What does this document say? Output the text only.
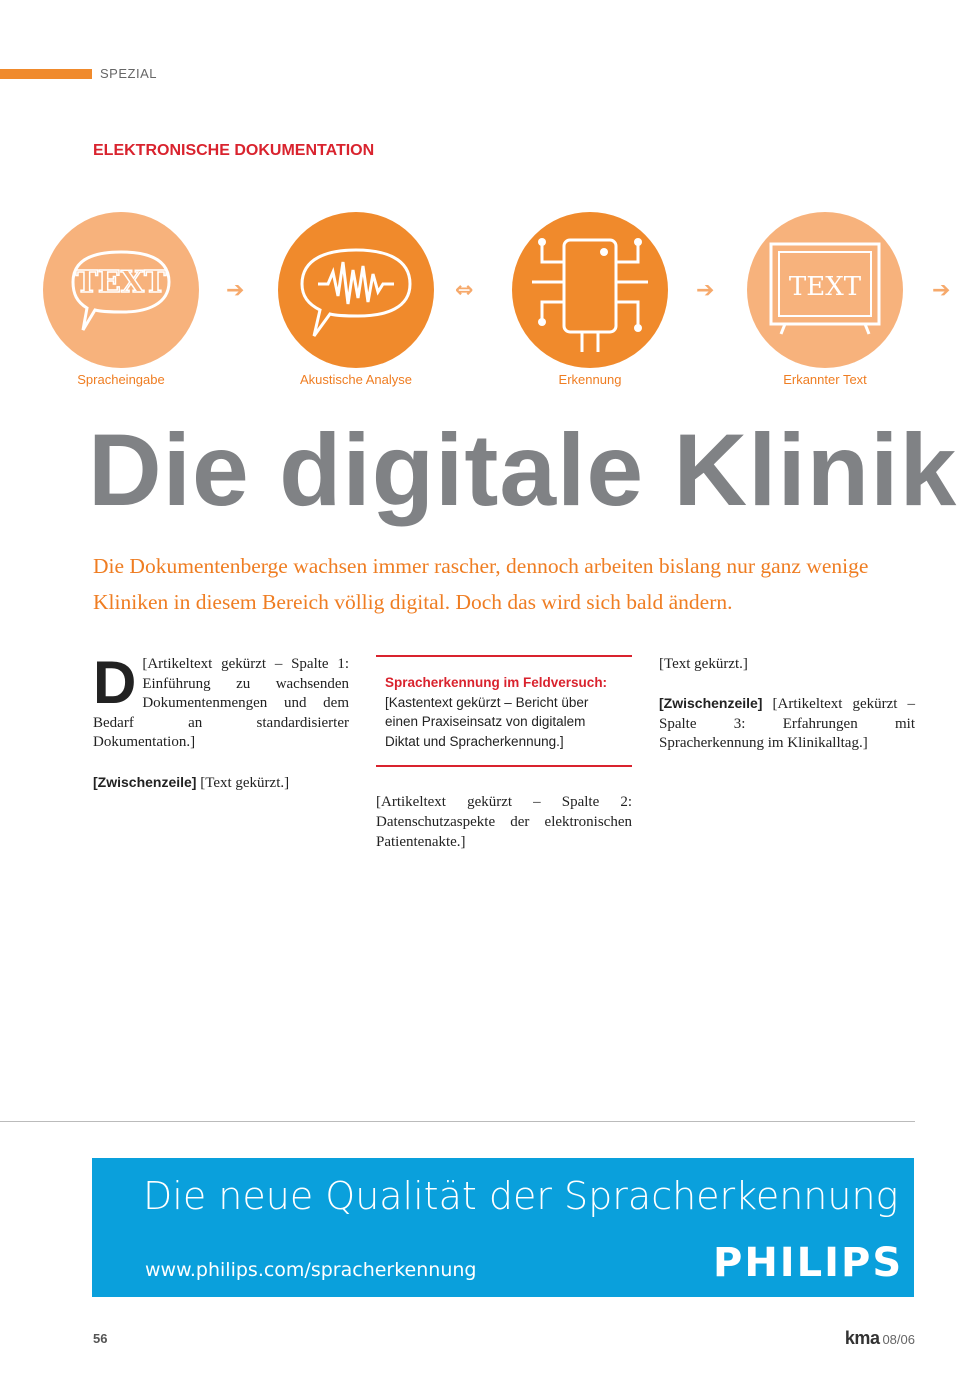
SPEZIAL
ELEKTRONISCHE DOKUMENTATION
TEXT
Spracheingabe
➔
Akustische Analyse
⇔
Erkennung
➔	TEXT
Erkannter Text
➔
Die digitale Klinik

Die Dokumentenberge wachsen immer rascher, dennoch arbeiten bislang nur ganz wenige Kliniken in diesem Bereich völlig digital. Doch das wird sich bald ändern.

D [Artikeltext gekürzt – Spalte 1: Einführung zu wachsenden Dokumentenmengen und dem Bedarf an standardisierter Dokumentation.]

[Zwischenzeile] [Text gekürzt.]

Spracherkennung im Feldversuch:
[Kastentext gekürzt – Bericht über einen Praxiseinsatz von digitalem Diktat und Spracherkennung.]

[Artikeltext gekürzt – Spalte 2: Datenschutzaspekte der elektronischen Patientenakte.]

[Text gekürzt.]

[Zwischenzeile] [Artikeltext gekürzt – Spalte 3: Erfahrungen mit Spracherkennung im Klinikalltag.]

Die neue Qualität der Spracherkennung
www.philips.com/spracherkennung	PHILIPS
56	kma 08/06
